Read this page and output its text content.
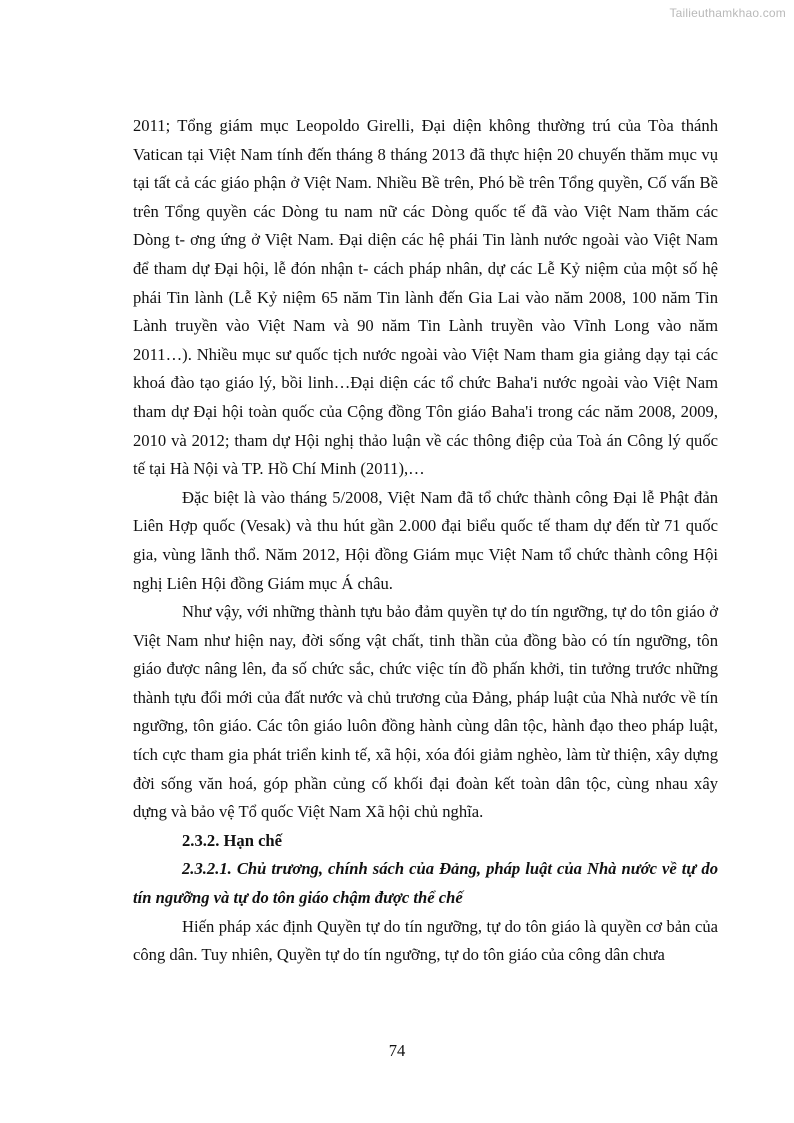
Tailieuthamkhao.com

2011; Tổng giám mục Leopoldo Girelli, Đại diện không thường trú của Tòa thánh Vatican tại Việt Nam tính đến tháng 8 tháng 2013 đã thực hiện 20 chuyến thăm mục vụ tại tất cả các giáo phận ở Việt Nam. Nhiều Bề trên, Phó bề trên Tổng quyền, Cố vấn Bề trên Tổng quyền các Dòng tu nam nữ các Dòng quốc tế đã vào Việt Nam thăm các Dòng t- ơng ứng ở Việt Nam. Đại diện các hệ phái Tin lành nước ngoài vào Việt Nam để tham dự Đại hội, lễ đón nhận t- cách pháp nhân, dự các Lễ Kỷ niệm của một số hệ phái Tin lành (Lễ Kỷ niệm 65 năm Tin lành đến Gia Lai vào năm 2008, 100 năm Tin Lành truyền vào Việt Nam và 90 năm Tin Lành truyền vào Vĩnh Long vào năm 2011…). Nhiều mục sư quốc tịch nước ngoài vào Việt Nam tham gia giảng dạy tại các khoá đào tạo giáo lý, bồi linh…Đại diện các tổ chức Baha'i nước ngoài vào Việt Nam tham dự Đại hội toàn quốc của Cộng đồng Tôn giáo Baha'i trong các năm 2008, 2009, 2010 và 2012; tham dự Hội nghị thảo luận về các thông điệp của Toà án Công lý quốc tế tại Hà Nội và TP. Hồ Chí Minh (2011),…

Đặc biệt là vào tháng 5/2008, Việt Nam đã tổ chức thành công Đại lễ Phật đản Liên Hợp quốc (Vesak) và thu hút gần 2.000 đại biểu quốc tế tham dự đến từ 71 quốc gia, vùng lãnh thổ. Năm 2012, Hội đồng Giám mục Việt Nam tổ chức thành công Hội nghị Liên Hội đồng Giám mục Á châu.

Như vậy, với những thành tựu bảo đảm quyền tự do tín ngưỡng, tự do tôn giáo ở Việt Nam như hiện nay, đời sống vật chất, tinh thần của đồng bào có tín ngưỡng, tôn giáo được nâng lên, đa số chức sắc, chức việc tín đồ phấn khởi, tin tưởng trước những thành tựu đổi mới của đất nước và chủ trương của Đảng, pháp luật của Nhà nước về tín ngưỡng, tôn giáo. Các tôn giáo luôn đồng hành cùng dân tộc, hành đạo theo pháp luật, tích cực tham gia phát triển kinh tế, xã hội, xóa đói giảm nghèo, làm từ thiện, xây dựng đời sống văn hoá, góp phần củng cố khối đại đoàn kết toàn dân tộc, cùng nhau xây dựng và bảo vệ Tổ quốc Việt Nam Xã hội chủ nghĩa.

2.3.2. Hạn chế

2.3.2.1. Chủ trương, chính sách của Đảng, pháp luật của Nhà nước về tự do tín ngưỡng và tự do tôn giáo chậm được thể chế

Hiến pháp xác định Quyền tự do tín ngưỡng, tự do tôn giáo là quyền cơ bản của công dân. Tuy nhiên, Quyền tự do tín ngưỡng, tự do tôn giáo của công dân chưa

74
